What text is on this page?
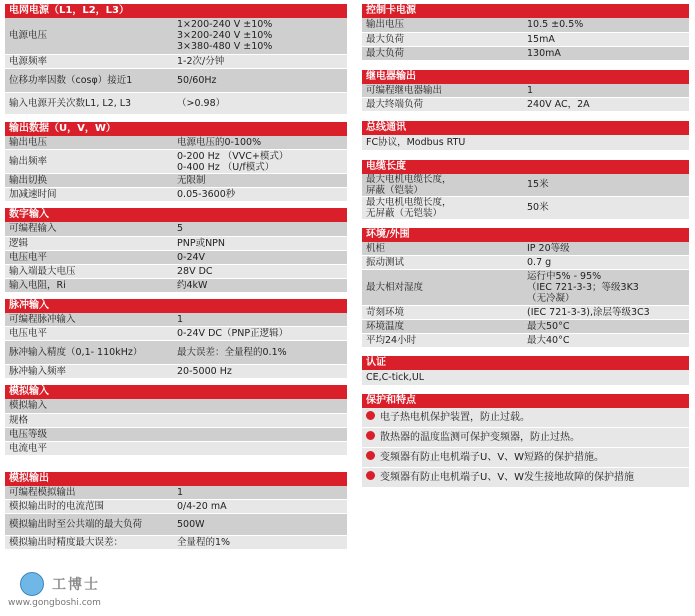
电网电源（L1，L2，L3）
电源电压	1×200-240 V ±10%
3×200-240 V ±10%
3×380-480 V ±10%

电源频率	1-2次/分钟

位移功率因数（cosφ）接近1	50/60Hz

输入电源开关次数L1, L2, L3	（>0.98）
输出数据（U，V，W）
输出电压	电源电压的0-100%

输出频率	0-200 Hz （VVC+模式）
0-400 Hz （U/f模式）

输出切换	无限制

加减速时间	0.05-3600秒
数字输入
可编程输入	5

逻辑	PNP或NPN

电压电平	0-24V

输入端最大电压	28V DC

输入电阻，Ri	约4kW
脉冲输入
可编程脉冲输入	1

电压电平	0-24V DC（PNP正逻辑）

脉冲输入精度（0,1- 110kHz）	最大误差：全量程的0.1%

脉冲输入频率	20-5000 Hz
模拟输入
模拟输入	

规格	

电压等级	

电流电平	

模拟输出
可编程模拟输出	1

模拟输出时的电流范围	0/4-20 mA

模拟输出时至公共端的最大负荷	500W

模拟输出时精度最大误差：	全量程的1%
控制卡电源
输出电压	10.5 ±0.5%

最大负荷	15mA

最大负荷	130mA
继电器输出
可编程继电器输出	1

最大终端负荷	240V AC，2A
总线通讯
FC协议，Modbus RTU
电缆长度
最大电机电缆长度，
屏蔽（铠装）	15米

最大电机电缆长度，
无屏蔽（无铠装）	50米
环境/外围
机柜	IP 20等级

振动测试	0.7 g

最大相对湿度	运行中5% - 95%
（IEC 721-3-3；等级3K3
（无冷凝）

苛刻环境	(IEC 721-3-3),涂层等级3C3

环境温度	最大50°C

平均24小时	最大40°C
认证
CE,C-tick,UL
保护和特点
电子热电机保护装置，防止过载。
散热器的温度监测可保护变频器，防止过热。
变频器有防止电机端子U、V、W短路的保护措施。
变频器有防止电机端子U、V、W发生接地故障的保护措施
工博士
www.gongboshi.com
